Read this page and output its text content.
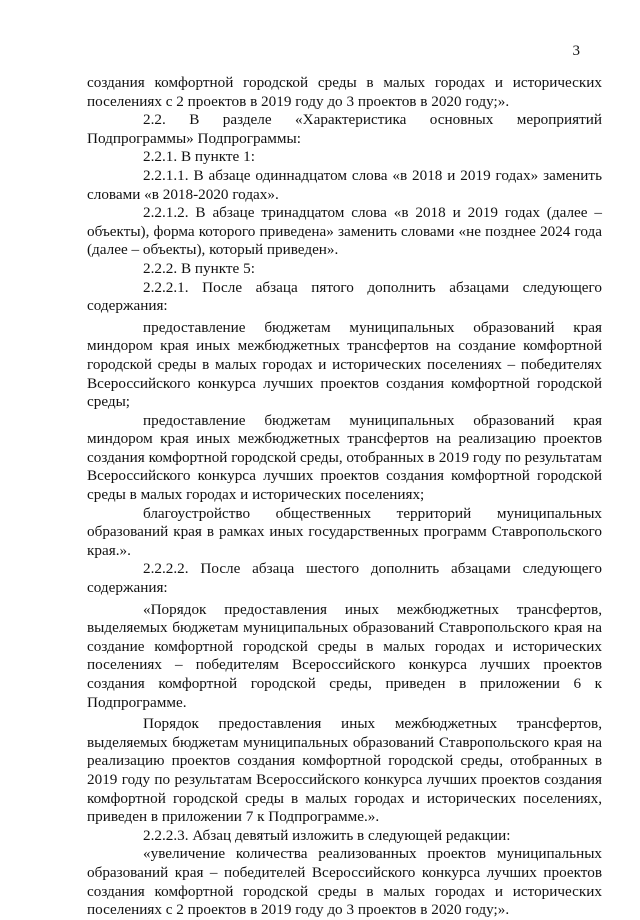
3

создания комфортной городской среды в малых городах и исторических поселениях с 2 проектов в 2019 году до 3 проектов в 2020 году;».

2.2. В разделе «Характеристика основных мероприятий Подпрограммы» Подпрограммы:

2.2.1. В пункте 1:

2.2.1.1. В абзаце одиннадцатом слова «в 2018 и 2019 годах» заменить словами «в 2018-2020 годах».

2.2.1.2. В абзаце тринадцатом слова «в 2018 и 2019 годах (далее – объекты), форма которого приведена» заменить словами «не позднее 2024 года (далее – объекты), который приведен».

2.2.2. В пункте 5:

2.2.2.1. После абзаца пятого дополнить абзацами следующего содержания:

предоставление бюджетам муниципальных образований края миндором края иных межбюджетных трансфертов на создание комфортной городской среды в малых городах и исторических поселениях – победителях Всероссийского конкурса лучших проектов создания комфортной городской среды;

предоставление бюджетам муниципальных образований края миндором края иных межбюджетных трансфертов на реализацию проектов создания комфортной городской среды, отобранных в 2019 году по результатам Всероссийского конкурса лучших проектов создания комфортной городской среды в малых городах и исторических поселениях;

благоустройство общественных территорий муниципальных образований края в рамках иных государственных программ Ставропольского края.».

2.2.2.2. После абзаца шестого дополнить абзацами следующего содержания:

«Порядок предоставления иных межбюджетных трансфертов, выделяемых бюджетам муниципальных образований Ставропольского края на создание комфортной городской среды в малых городах и исторических поселениях – победителям Всероссийского конкурса лучших проектов создания комфортной городской среды, приведен в приложении 6 к Подпрограмме.

Порядок предоставления иных межбюджетных трансфертов, выделяемых бюджетам муниципальных образований Ставропольского края на реализацию проектов создания комфортной городской среды, отобранных в 2019 году по результатам Всероссийского конкурса лучших проектов создания комфортной городской среды в малых городах и исторических поселениях, приведен в приложении 7 к Подпрограмме.».

2.2.2.3. Абзац девятый изложить в следующей редакции:

«увеличение количества реализованных проектов муниципальных образований края – победителей Всероссийского конкурса лучших проектов создания комфортной городской среды в малых городах и исторических поселениях с 2 проектов в 2019 году до 3 проектов в 2020 году;».
